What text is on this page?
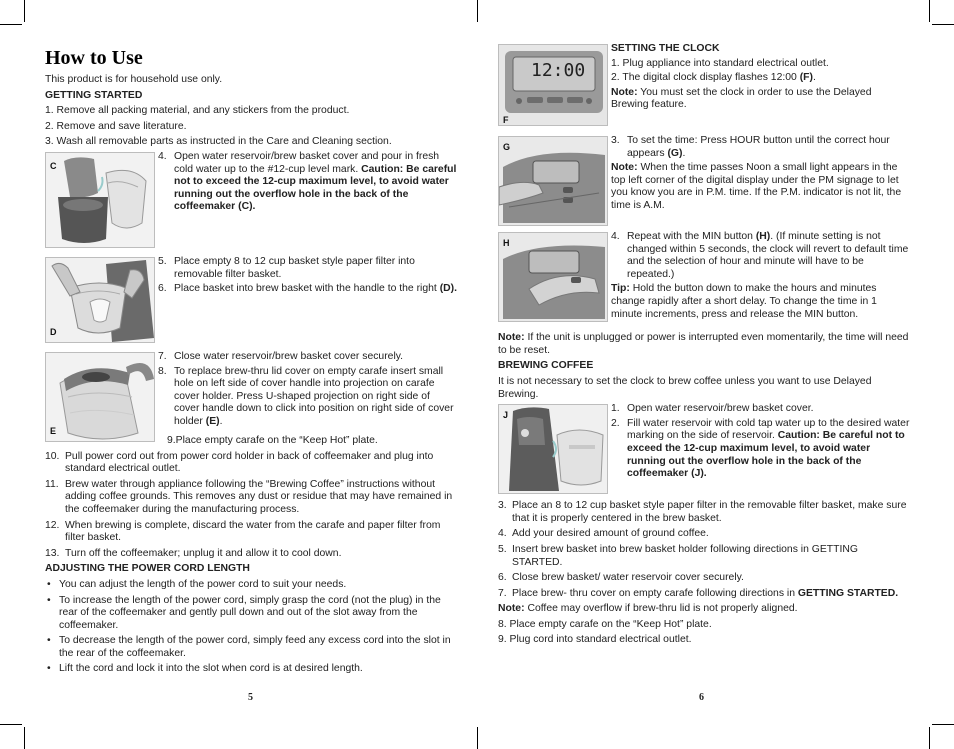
How to Use
This product is for household use only.
GETTING STARTED
1. Remove all packing material, and any stickers from the product.
2. Remove and save literature.
3. Wash all removable parts as instructed in the Care and Cleaning section.
C
4. Open water reservoir/brew basket cover and pour in fresh cold water up to the #12-cup level mark. Caution: Be careful not to exceed the 12-cup maximum level, to avoid water running out the overflow hole in the back of the coffeemaker (C).
D
5. Place empty 8 to 12 cup basket style paper filter into removable filter basket.
6. Place basket into brew basket with the handle to the right (D).
E
7. Close water reservoir/brew basket cover securely.
8. To replace brew-thru lid cover on empty carafe insert small hole on left side of cover handle into projection on carafe cover holder. Press U-shaped projection on right side of cover handle down to click into position on right side of cover holder (E).
9.Place empty carafe on the “Keep Hot” plate.
10. Pull power cord out from power cord holder in back of coffeemaker and plug into standard electrical outlet.
11. Brew water through appliance following the “Brewing Coffee” instructions without adding coffee grounds. This removes any dust or residue that may have remained in the coffeemaker during the manufacturing process.
12. When brewing is complete, discard the water from the carafe and paper filter from filter basket.
13. Turn off the coffeemaker; unplug it and allow it to cool down.
ADJUSTING THE POWER CORD LENGTH
• You can adjust the length of the power cord to suit your needs.
• To increase the length of the power cord, simply grasp the cord (not the plug) in the rear of the coffeemaker and gently pull down and out of the slot away from the coffeemaker.
• To decrease the length of the power cord, simply feed any excess cord into the slot in the rear of the coffeemaker.
• Lift the cord and lock it into the slot when cord is at desired length.
5
12:00
F
SETTING THE CLOCK
1. Plug appliance into standard electrical outlet.
2. The digital clock display flashes 12:00 (F).
Note: You must set the clock in order to use the Delayed Brewing feature.
G
3. To set the time: Press HOUR button until the correct hour appears (G).
Note: When the time passes Noon a small light appears in the top left corner of the digital display under the PM signage to let you know you are in P.M. time. If the P.M. indicator is not lit, the time is A.M.
H
4. Repeat with the MIN button (H). (If minute setting is not changed within 5 seconds, the clock will revert to default time and the selection of hour and minute will have to be repeated.)
Tip: Hold the button down to make the hours and minutes change rapidly after a short delay. To change the time in 1 minute increments, press and release the MIN button.
Note: If the unit is unplugged or power is interrupted even momentarily, the time will need to be reset.
BREWING COFFEE
It is not necessary to set the clock to brew coffee unless you want to use Delayed Brewing.
J
1. Open water reservoir/brew basket cover.
2. Fill water reservoir with cold tap water up to the desired water marking on the side of reservoir. Caution: Be careful not to exceed the 12-cup maximum level, to avoid water running out the overflow hole in the back of the coffeemaker (J).
3. Place an 8 to 12 cup basket style paper filter in the removable filter basket, make sure that it is properly centered in the brew basket.
4. Add your desired amount of ground coffee.
5. Insert brew basket into brew basket holder following directions in GETTING STARTED.
6. Close brew basket/ water reservoir cover securely.
7. Place brew- thru cover on empty carafe following directions in GETTING STARTED.
Note: Coffee may overflow if brew-thru lid is not properly aligned.
8. Place empty carafe on the “Keep Hot” plate.
9. Plug cord into standard electrical outlet.
6
